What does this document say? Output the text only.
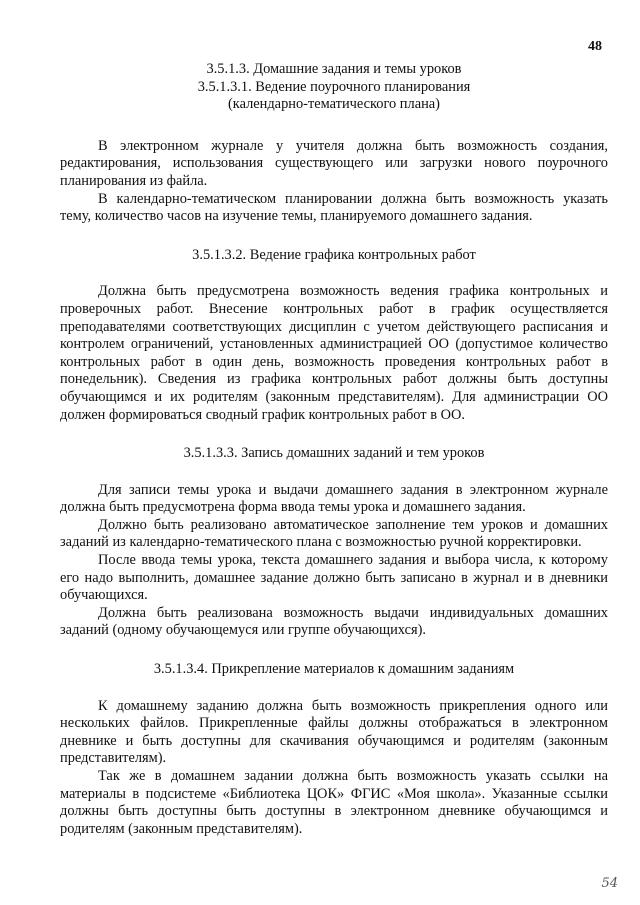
48
3.5.1.3. Домашние задания и темы уроков
3.5.1.3.1. Ведение поурочного планирования
(календарно-тематического плана)

В электронном журнале у учителя должна быть возможность создания, редактирования, использования существующего или загрузки нового поурочного планирования из файла.

В календарно-тематическом планировании должна быть возможность указать тему, количество часов на изучение темы, планируемого домашнего задания.

3.5.1.3.2. Ведение графика контрольных работ

Должна быть предусмотрена возможность ведения графика контрольных и проверочных работ. Внесение контрольных работ в график осуществляется преподавателями соответствующих дисциплин с учетом действующего расписания и контролем ограничений, установленных администрацией ОО (допустимое количество контрольных работ в один день, возможность проведения контрольных работ в понедельник). Сведения из графика контрольных работ должны быть доступны обучающимся и их родителям (законным представителям). Для администрации ОО должен формироваться сводный график контрольных работ в ОО.

3.5.1.3.3. Запись домашних заданий и тем уроков

Для записи темы урока и выдачи домашнего задания в электронном журнале должна быть предусмотрена форма ввода темы урока и домашнего задания.

Должно быть реализовано автоматическое заполнение тем уроков и домашних заданий из календарно-тематического плана с возможностью ручной корректировки.

После ввода темы урока, текста домашнего задания и выбора числа, к которому его надо выполнить, домашнее задание должно быть записано в журнал и в дневники обучающихся.

Должна быть реализована возможность выдачи индивидуальных домашних заданий (одному обучающемуся или группе обучающихся).

3.5.1.3.4. Прикрепление материалов к домашним заданиям

К домашнему заданию должна быть возможность прикрепления одного или нескольких файлов. Прикрепленные файлы должны отображаться в электронном дневнике и быть доступны для скачивания обучающимся и родителям (законным представителям).

Так же в домашнем задании должна быть возможность указать ссылки на материалы в подсистеме «Библиотека ЦОК» ФГИС «Моя школа». Указанные ссылки должны быть доступны быть доступны в электронном дневнике обучающимся и родителям (законным представителям).

54
